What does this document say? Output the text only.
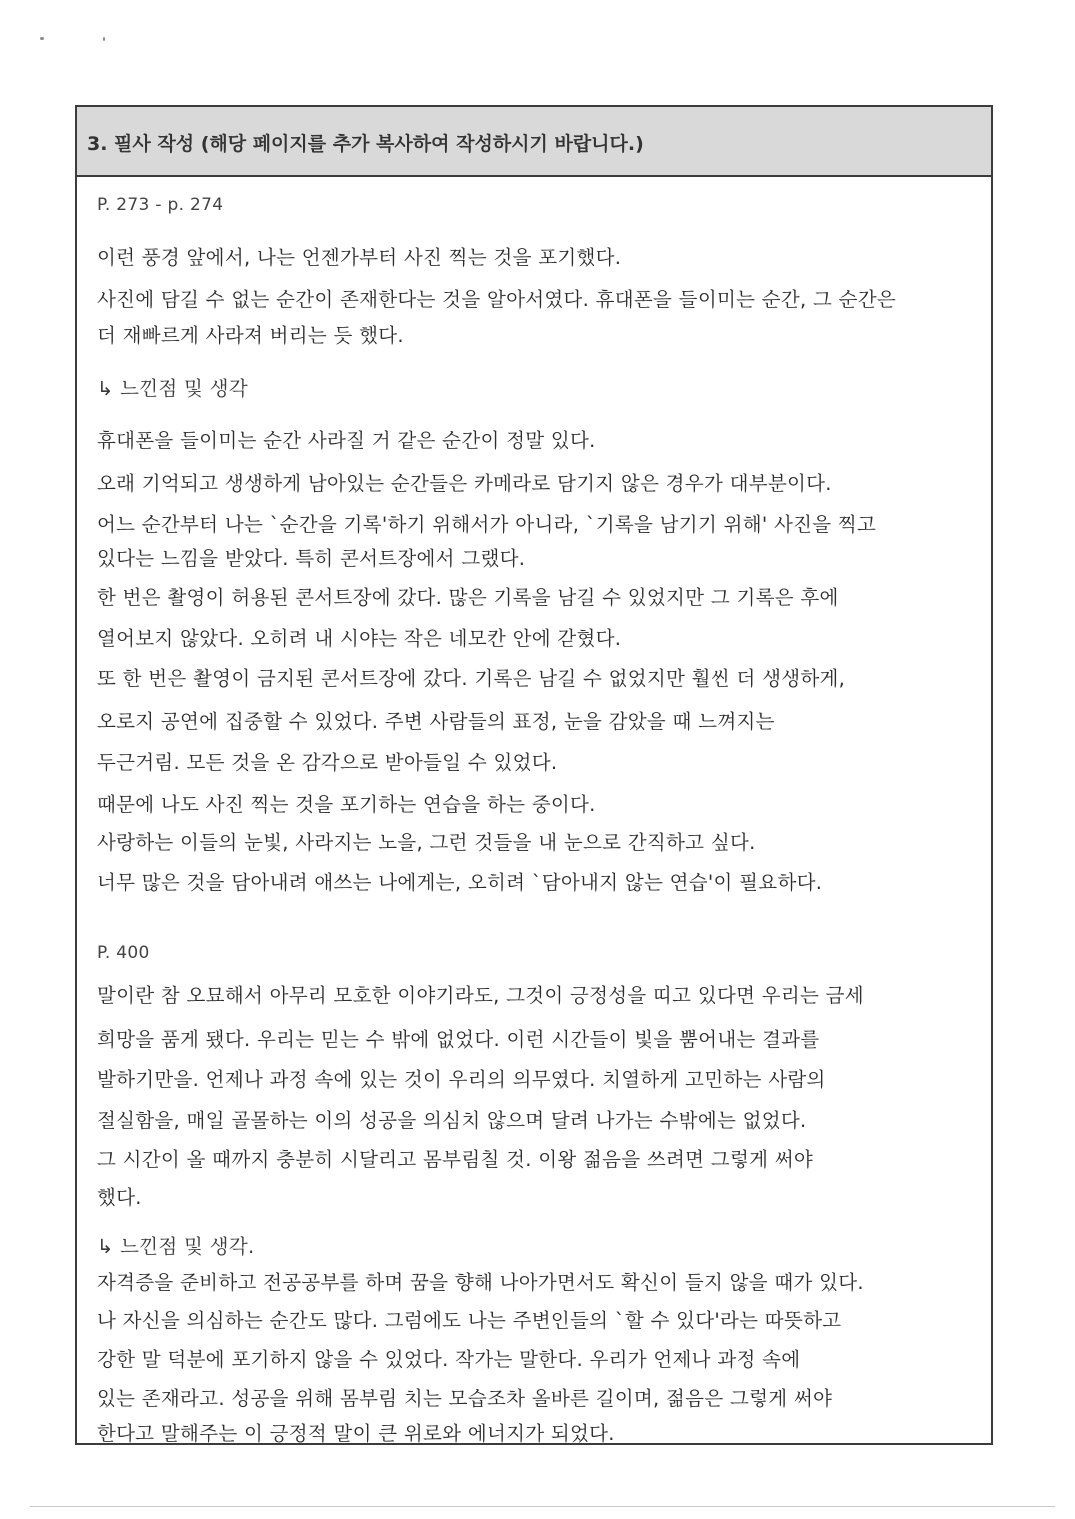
3. 필사 작성 (해당 페이지를 추가 복사하여 작성하시기 바랍니다.)
P. 273 - p. 274
이런 풍경 앞에서, 나는 언젠가부터 사진 찍는 것을 포기했다.
사진에 담길 수 없는 순간이 존재한다는 것을 알아서였다. 휴대폰을 들이미는 순간, 그 순간은
더 재빠르게 사라져 버리는 듯 했다.
↳ 느낀점 및 생각
휴대폰을 들이미는 순간 사라질 거 같은 순간이 정말 있다.
오래 기억되고 생생하게 남아있는 순간들은 카메라로 담기지 않은 경우가 대부분이다.
어느 순간부터 나는 `순간을 기록'하기 위해서가 아니라, `기록을 남기기 위해' 사진을 찍고
있다는 느낌을 받았다. 특히 콘서트장에서 그랬다.
한 번은 촬영이 허용된 콘서트장에 갔다. 많은 기록을 남길 수 있었지만 그 기록은 후에
열어보지 않았다. 오히려 내 시야는 작은 네모칸 안에 갇혔다.
또 한 번은 촬영이 금지된 콘서트장에 갔다. 기록은 남길 수 없었지만 훨씬 더 생생하게,
오로지 공연에 집중할 수 있었다. 주변 사람들의 표정, 눈을 감았을 때 느껴지는
두근거림. 모든 것을 온 감각으로 받아들일 수 있었다.
때문에 나도 사진 찍는 것을 포기하는 연습을 하는 중이다.
사랑하는 이들의 눈빛, 사라지는 노을, 그런 것들을 내 눈으로 간직하고 싶다.
너무 많은 것을 담아내려 애쓰는 나에게는, 오히려 `담아내지 않는 연습'이 필요하다.
P. 400
말이란 참 오묘해서 아무리 모호한 이야기라도, 그것이 긍정성을 띠고 있다면 우리는 금세
희망을 품게 됐다. 우리는 믿는 수 밖에 없었다. 이런 시간들이 빛을 뿜어내는 결과를
발하기만을. 언제나 과정 속에 있는 것이 우리의 의무였다. 치열하게 고민하는 사람의
절실함을, 매일 골몰하는 이의 성공을 의심치 않으며 달려 나가는 수밖에는 없었다.
그 시간이 올 때까지 충분히 시달리고 몸부림칠 것. 이왕 젊음을 쓰려면 그렇게 써야
했다.
↳ 느낀점 및 생각.
자격증을 준비하고 전공공부를 하며 꿈을 향해 나아가면서도 확신이 들지 않을 때가 있다.
나 자신을 의심하는 순간도 많다. 그럼에도 나는 주변인들의 `할 수 있다'라는 따뜻하고
강한 말 덕분에 포기하지 않을 수 있었다. 작가는 말한다. 우리가 언제나 과정 속에
있는 존재라고. 성공을 위해 몸부림 치는 모습조차 올바른 길이며, 젊음은 그렇게 써야
한다고 말해주는 이 긍정적 말이 큰 위로와 에너지가 되었다.
